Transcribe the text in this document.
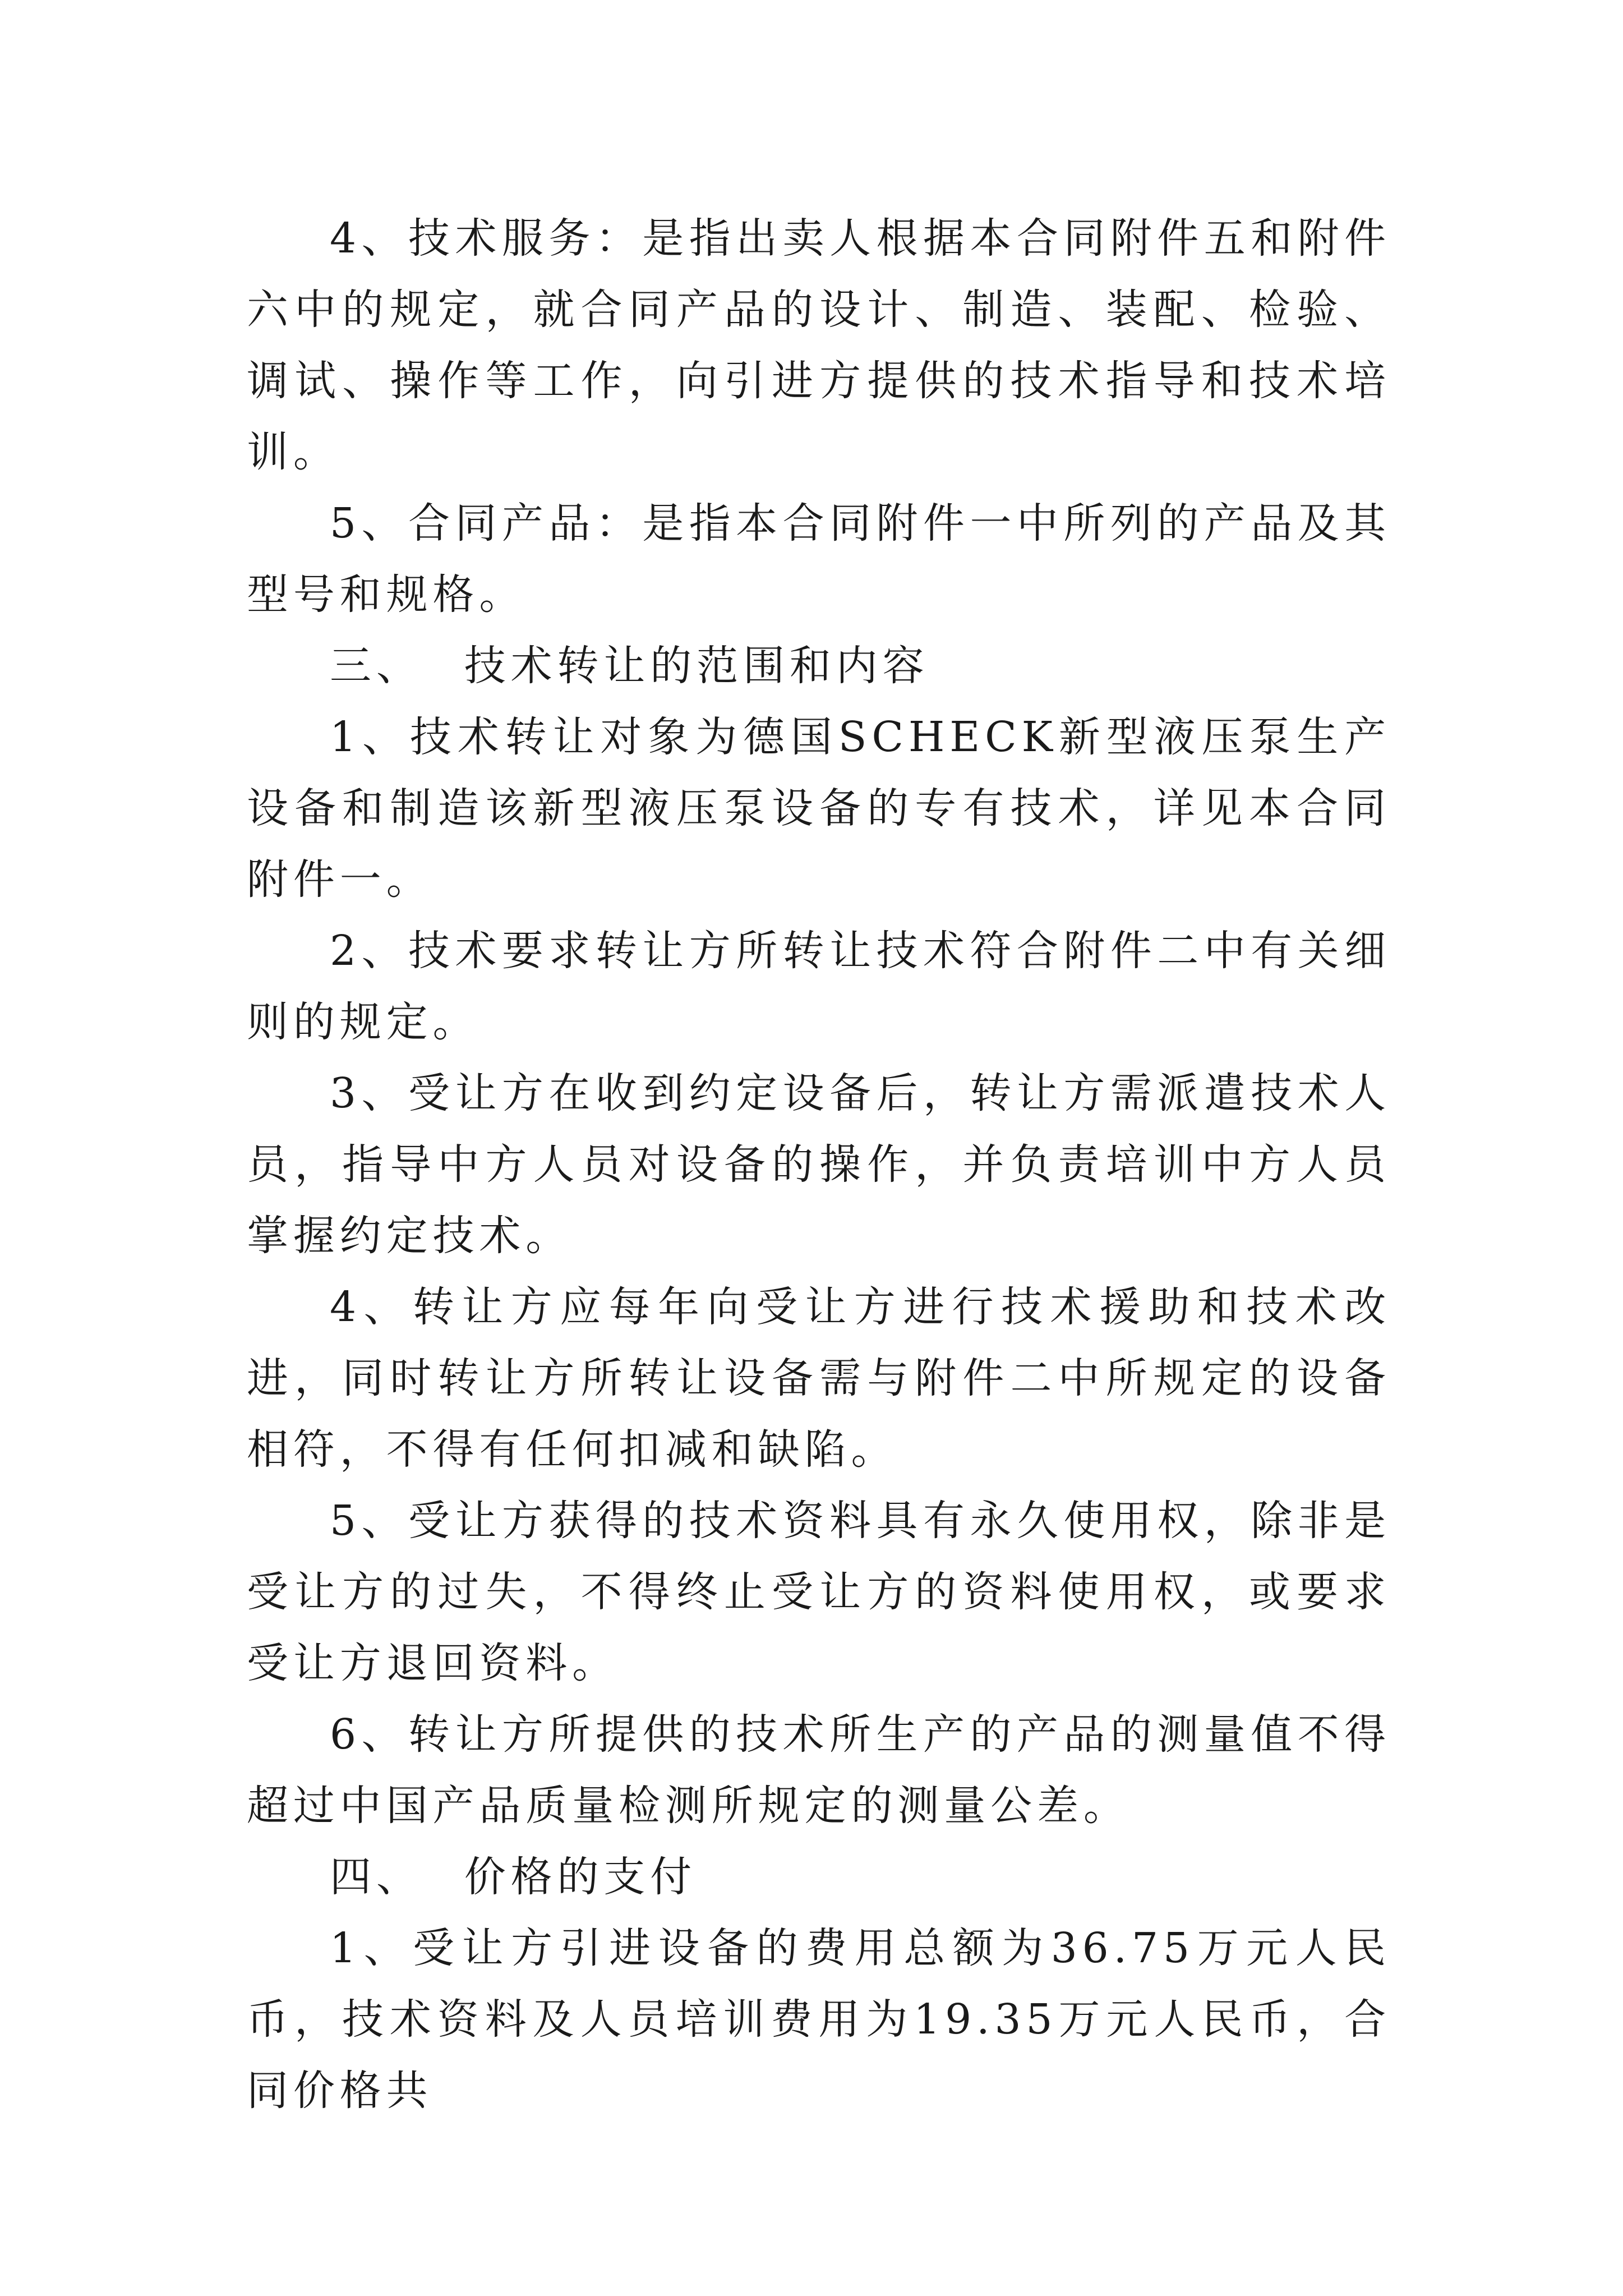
4、技术服务：是指出卖人根据本合同附件五和附件六中的规定，就合同产品的设计、制造、装配、检验、调试、操作等工作，向引进方提供的技术指导和技术培训。

5、合同产品：是指本合同附件一中所列的产品及其型号和规格。

三、 技术转让的范围和内容

1、技术转让对象为德国SCHECK新型液压泵生产设备和制造该新型液压泵设备的专有技术，详见本合同附件一。

2、技术要求转让方所转让技术符合附件二中有关细则的规定。

3、受让方在收到约定设备后，转让方需派遣技术人员，指导中方人员对设备的操作，并负责培训中方人员掌握约定技术。

4、转让方应每年向受让方进行技术援助和技术改进，同时转让方所转让设备需与附件二中所规定的设备相符，不得有任何扣减和缺陷。

5、受让方获得的技术资料具有永久使用权，除非是受让方的过失，不得终止受让方的资料使用权，或要求受让方退回资料。

6、转让方所提供的技术所生产的产品的测量值不得超过中国产品质量检测所规定的测量公差。

四、 价格的支付

1、受让方引进设备的费用总额为36.75万元人民币，技术资料及人员培训费用为19.35万元人民币，合同价格共
